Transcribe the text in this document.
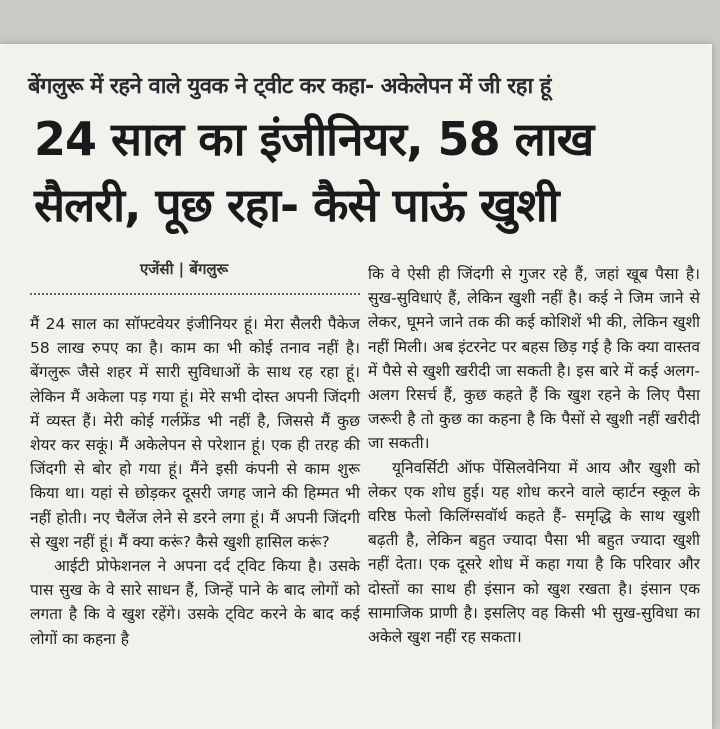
बेंगलुरू में रहने वाले युवक ने ट्वीट कर कहा- अकेलेपन में जी रहा हूं
24 साल का इंजीनियर, 58 लाख
सैलरी, पूछ रहा- कैसे पाऊं खुशी
एजेंसी | बेंगलुरू

मैं 24 साल का सॉफ्टवेयर इंजीनियर हूं। मेरा सैलरी पैकेज 58 लाख रुपए का है। काम का भी कोई तनाव नहीं है। बेंगलुरू जैसे शहर में सारी सुविधाओं के साथ रह रहा हूं। लेकिन मैं अकेला पड़ गया हूं। मेरे सभी दोस्त अपनी जिंदगी में व्यस्त हैं। मेरी कोई गर्लफ्रेंड भी नहीं है, जिससे मैं कुछ शेयर कर सकूं। मैं अकेलेपन से परेशान हूं। एक ही तरह की जिंदगी से बोर हो गया हूं। मैंने इसी कंपनी से काम शुरू किया था। यहां से छोड़कर दूसरी जगह जाने की हिम्मत भी नहीं होती। नए चैलेंज लेने से डरने लगा हूं। मैं अपनी जिंदगी से खुश नहीं हूं। मैं क्या करूं? कैसे खुशी हासिल करूं?

आईटी प्रोफेशनल ने अपना दर्द ट्विट किया है। उसके पास सुख के वे सारे साधन हैं, जिन्हें पाने के बाद लोगों को लगता है कि वे खुश रहेंगे। उसके ट्विट करने के बाद कई लोगों का कहना है

कि वे ऐसी ही जिंदगी से गुजर रहे हैं, जहां खूब पैसा है। सुख-सुविधाएं हैं, लेकिन खुशी नहीं है। कई ने जिम जाने से लेकर, घूमने जाने तक की कई कोशिशें भी की, लेकिन खुशी नहीं मिली। अब इंटरनेट पर बहस छिड़ गई है कि क्या वास्तव में पैसे से खुशी खरीदी जा सकती है। इस बारे में कई अलग-अलग रिसर्च हैं, कुछ कहते हैं कि खुश रहने के लिए पैसा जरूरी है तो कुछ का कहना है कि पैसों से खुशी नहीं खरीदी जा सकती।

यूनिवर्सिटी ऑफ पेंसिलवेनिया में आय और खुशी को लेकर एक शोध हुई। यह शोध करने वाले व्हार्टन स्कूल के वरिष्ठ फेलो किलिंग्सवॉर्थ कहते हैं- समृद्धि के साथ खुशी बढ़ती है, लेकिन बहुत ज्यादा पैसा भी बहुत ज्यादा खुशी नहीं देता। एक दूसरे शोध में कहा गया है कि परिवार और दोस्तों का साथ ही इंसान को खुश रखता है। इंसान एक सामाजिक प्राणी है। इसलिए वह किसी भी सुख-सुविधा का अकेले खुश नहीं रह सकता।
